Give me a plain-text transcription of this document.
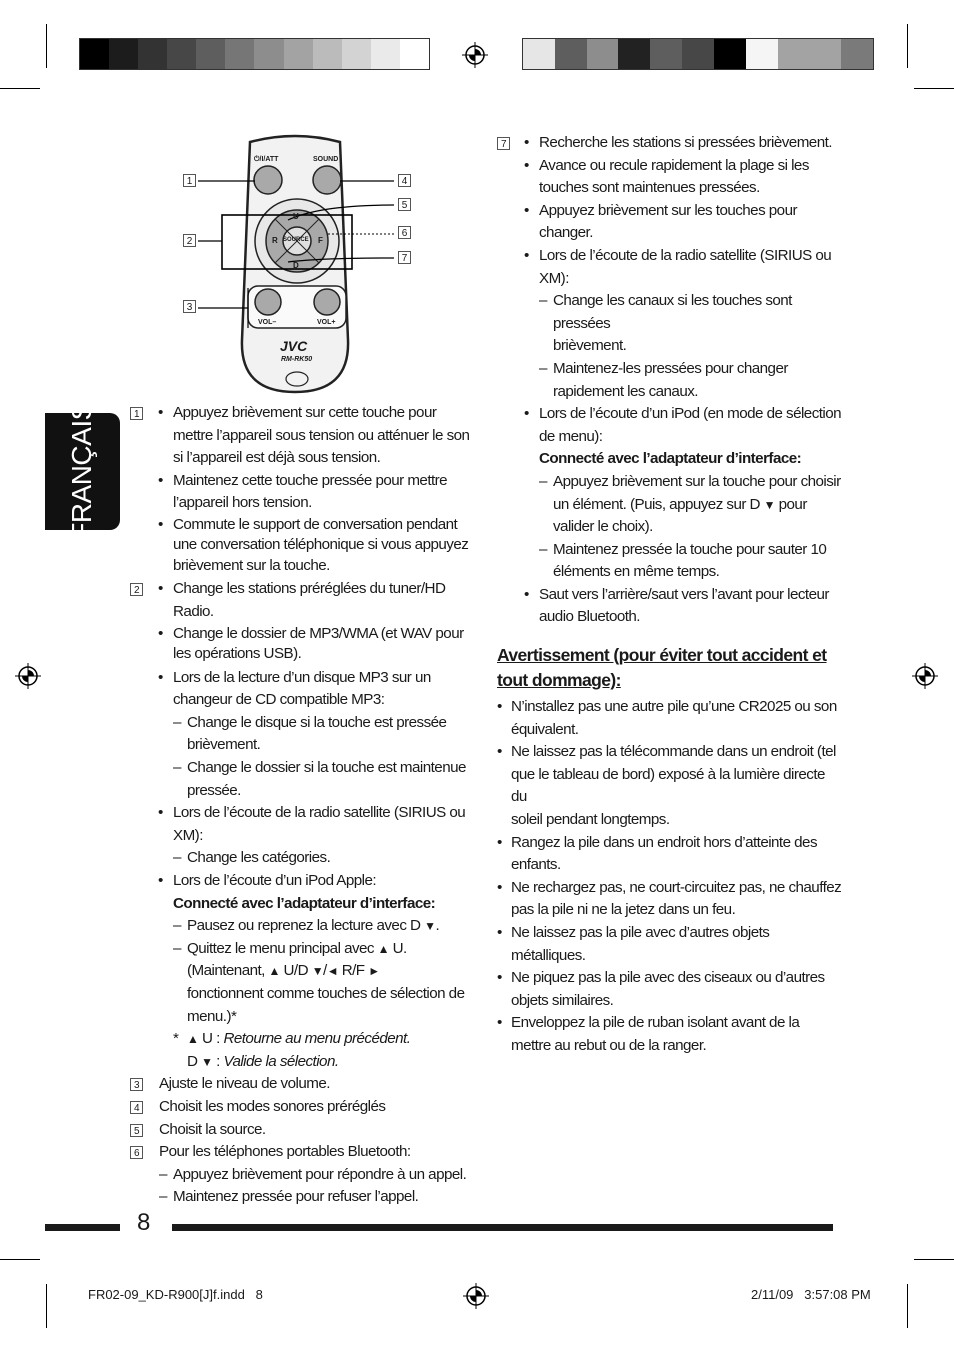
FRANÇAIS
1
2
3
4
5
6
7
⏻/I/ATT	SOUND
U
D
R	F
SOURCE
VOL–	VOL+
JVC
RM-RK50
1 • Appuyez brièvement sur cette touche pour
mettre l’appareil sous tension ou atténuer le son
si l’appareil est déjà sous tension.
• Maintenez cette touche pressée pour mettre
l’appareil hors tension.
• Commute le support de conversation pendant
une conversation téléphonique si vous appuyez
brièvement sur la touche.
2 • Change les stations préréglées du tuner/HD
Radio.
• Change le dossier de MP3/WMA (et WAV pour
les opérations USB).
• Lors de la lecture d’un disque MP3 sur un
changeur de CD compatible MP3:
– Change le disque si la touche est pressée
brièvement.
– Change le dossier si la touche est maintenue
pressée.
• Lors de l’écoute de la radio satellite (SIRIUS ou
XM):
– Change les catégories.
• Lors de l’écoute d’un iPod Apple:
Connecté avec l’adaptateur d’interface:
– Pausez ou reprenez la lecture avec D ▼.
– Quittez le menu principal avec ▲ U.
(Maintenant, ▲ U/D ▼/◄ R/F ►
fonctionnent comme touches de sélection de
menu.)*
* ▲ U : Retourne au menu précédent.
D ▼ : Valide la sélection.
3 Ajuste le niveau de volume.
4 Choisit les modes sonores préréglés
5 Choisit la source.
6 Pour les téléphones portables Bluetooth:
– Appuyez brièvement pour répondre à un appel.
– Maintenez pressée pour refuser l’appel.
7 • Recherche les stations si pressées brièvement.
• Avance ou recule rapidement la plage si les
touches sont maintenues pressées.
• Appuyez brièvement sur les touches pour
changer.
• Lors de l’écoute de la radio satellite (SIRIUS ou
XM):
– Change les canaux si les touches sont pressées
brièvement.
– Maintenez-les pressées pour changer
rapidement les canaux.
• Lors de l’écoute d’un iPod (en mode de sélection
de menu):
Connecté avec l’adaptateur d’interface:
– Appuyez brièvement sur la touche pour choisir
un élément. (Puis, appuyez sur D ▼ pour
valider le choix).
– Maintenez pressée la touche pour sauter 10
éléments en même temps.
• Saut vers l’arrière/saut vers l’avant pour lecteur
audio Bluetooth.
Avertissement (pour éviter tout accident et
tout dommage):
• N’installez pas une autre pile qu’une CR2025 ou son
équivalent.
• Ne laissez pas la télécommande dans un endroit (tel
que le tableau de bord) exposé à la lumière directe du
soleil pendant longtemps.
• Rangez la pile dans un endroit hors d’atteinte des
enfants.
• Ne rechargez pas, ne court-circuitez pas, ne chauffez
pas la pile ni ne la jetez dans un feu.
• Ne laissez pas la pile avec d’autres objets métalliques.
• Ne piquez pas la pile avec des ciseaux ou d’autres
objets similaires.
• Enveloppez la pile de ruban isolant avant de la
mettre au rebut ou de la ranger.
8
FR02-09_KD-R900[J]f.indd 8	2/11/09 3:57:08 PM
